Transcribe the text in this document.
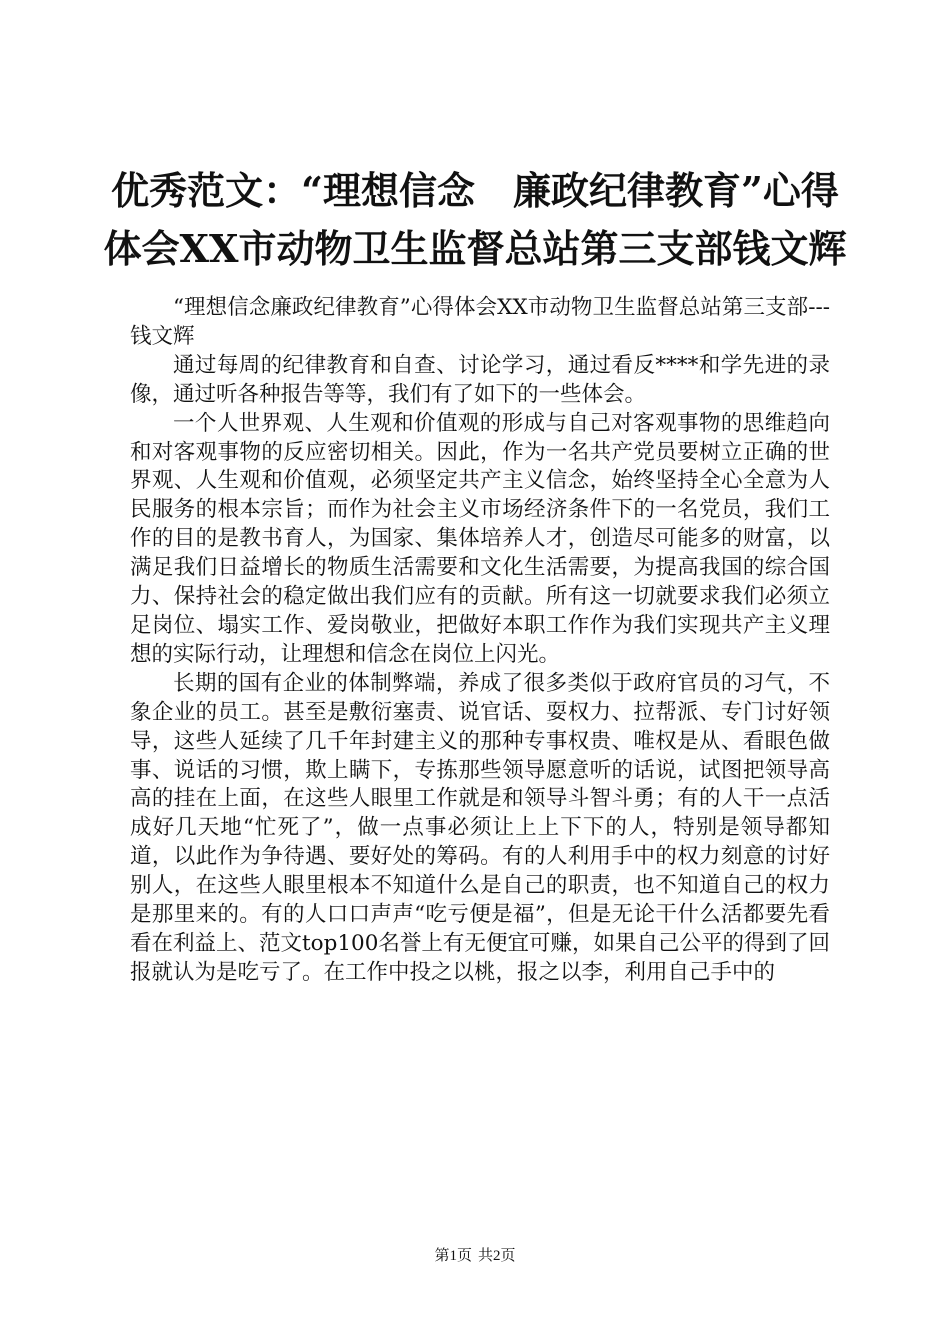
优秀范文：“理想信念　廉政纪律教育”心得
体会XX市动物卫生监督总站第三支部钱文辉

“理想信念廉政纪律教育”心得体会XX市动物卫生监督总站第三支部---钱文辉

通过每周的纪律教育和自查、讨论学习，通过看反****和学先进的录像，通过听各种报告等等，我们有了如下的一些体会。

一个人世界观、人生观和价值观的形成与自己对客观事物的思维趋向和对客观事物的反应密切相关。因此，作为一名共产党员要树立正确的世界观、人生观和价值观，必须坚定共产主义信念，始终坚持全心全意为人民服务的根本宗旨；而作为社会主义市场经济条件下的一名党员，我们工作的目的是教书育人，为国家、集体培养人才，创造尽可能多的财富，以满足我们日益增长的物质生活需要和文化生活需要，为提高我国的综合国力、保持社会的稳定做出我们应有的贡献。所有这一切就要求我们必须立足岗位、塌实工作、爱岗敬业，把做好本职工作作为我们实现共产主义理想的实际行动，让理想和信念在岗位上闪光。

长期的国有企业的体制弊端，养成了很多类似于政府官员的习气，不象企业的员工。甚至是敷衍塞责、说官话、耍权力、拉帮派、专门讨好领导，这些人延续了几千年封建主义的那种专事权贵、唯权是从、看眼色做事、说话的习惯，欺上瞒下，专拣那些领导愿意听的话说，试图把领导高高的挂在上面，在这些人眼里工作就是和领导斗智斗勇；有的人干一点活成好几天地“忙死了”，做一点事必须让上上下下的人，特别是领导都知道，以此作为争待遇、要好处的筹码。有的人利用手中的权力刻意的讨好别人，在这些人眼里根本不知道什么是自己的职责，也不知道自己的权力是那里来的。有的人口口声声“吃亏便是福”，但是无论干什么活都要先看看在利益上、范文top100名誉上有无便宜可赚，如果自己公平的得到了回报就认为是吃亏了。在工作中投之以桃，报之以李，利用自己手中的

第1页 共2页
